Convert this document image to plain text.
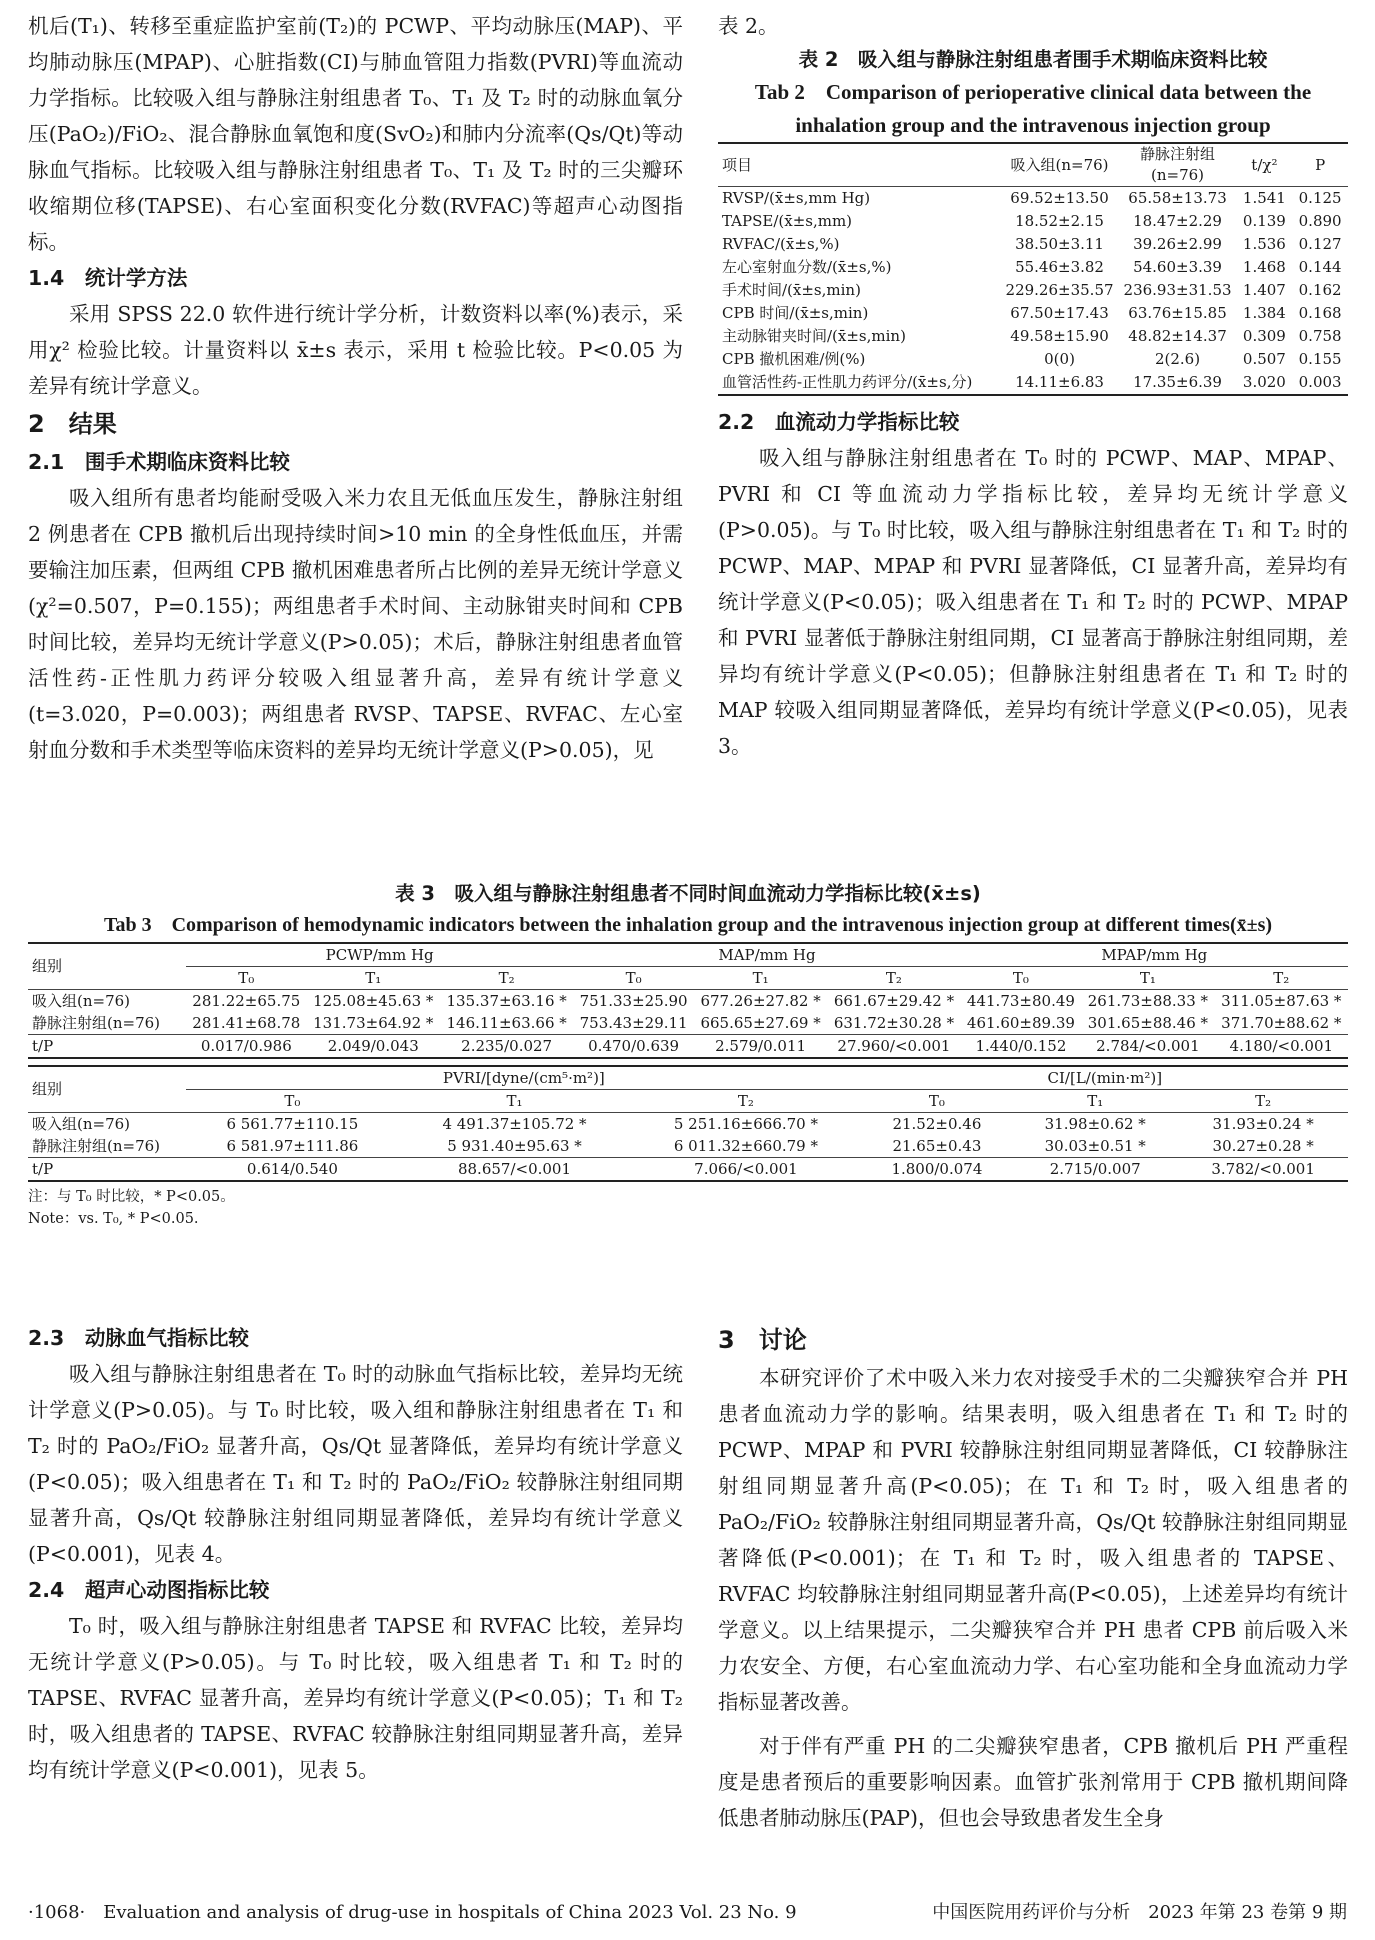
机后(T₁)、转移至重症监护室前(T₂)的 PCWP、平均动脉压(MAP)、平均肺动脉压(MPAP)、心脏指数(CI)与肺血管阻力指数(PVRI)等血流动力学指标。比较吸入组与静脉注射组患者 T₀、T₁ 及 T₂ 时的动脉血氧分压(PaO₂)/FiO₂、混合静脉血氧饱和度(SvO₂)和肺内分流率(Qs/Qt)等动脉血气指标。比较吸入组与静脉注射组患者 T₀、T₁ 及 T₂ 时的三尖瓣环收缩期位移(TAPSE)、右心室面积变化分数(RVFAC)等超声心动图指标。

1.4　统计学方法

采用 SPSS 22.0 软件进行统计学分析，计数资料以率(%)表示，采用χ² 检验比较。计量资料以 x̄±s 表示，采用 t 检验比较。P<0.05 为差异有统计学意义。

2　结果
2.1　围手术期临床资料比较

吸入组所有患者均能耐受吸入米力农且无低血压发生，静脉注射组 2 例患者在 CPB 撤机后出现持续时间>10 min 的全身性低血压，并需要输注加压素，但两组 CPB 撤机困难患者所占比例的差异无统计学意义(χ²=0.507，P=0.155)；两组患者手术时间、主动脉钳夹时间和 CPB 时间比较，差异均无统计学意义(P>0.05)；术后，静脉注射组患者血管活性药-正性肌力药评分较吸入组显著升高，差异有统计学意义(t=3.020，P=0.003)；两组患者 RVSP、TAPSE、RVFAC、左心室射血分数和手术类型等临床资料的差异均无统计学意义(P>0.05)，见

表 2。

表 2　吸入组与静脉注射组患者围手术期临床资料比较
Tab 2　Comparison of perioperative clinical data between the inhalation group and the intravenous injection group
项目	吸入组(n=76)	静脉注射组(n=76)	t/χ²	P
RVSP/(x̄±s,mm Hg)	69.52±13.50	65.58±13.73	1.541	0.125
TAPSE/(x̄±s,mm)	18.52±2.15	18.47±2.29	0.139	0.890
RVFAC/(x̄±s,%)	38.50±3.11	39.26±2.99	1.536	0.127
左心室射血分数/(x̄±s,%)	55.46±3.82	54.60±3.39	1.468	0.144
手术时间/(x̄±s,min)	229.26±35.57	236.93±31.53	1.407	0.162
CPB 时间/(x̄±s,min)	67.50±17.43	63.76±15.85	1.384	0.168
主动脉钳夹时间/(x̄±s,min)	49.58±15.90	48.82±14.37	0.309	0.758
CPB 撤机困难/例(%)	0(0)	2(2.6)	0.507	0.155
血管活性药-正性肌力药评分/(x̄±s,分)	14.11±6.83	17.35±6.39	3.020	0.003
2.2　血流动力学指标比较

吸入组与静脉注射组患者在 T₀ 时的 PCWP、MAP、MPAP、PVRI 和 CI 等血流动力学指标比较，差异均无统计学意义(P>0.05)。与 T₀ 时比较，吸入组与静脉注射组患者在 T₁ 和 T₂ 时的 PCWP、MAP、MPAP 和 PVRI 显著降低，CI 显著升高，差异均有统计学意义(P<0.05)；吸入组患者在 T₁ 和 T₂ 时的 PCWP、MPAP 和 PVRI 显著低于静脉注射组同期，CI 显著高于静脉注射组同期，差异均有统计学意义(P<0.05)；但静脉注射组患者在 T₁ 和 T₂ 时的 MAP 较吸入组同期显著降低，差异均有统计学意义(P<0.05)，见表 3。

表 3　吸入组与静脉注射组患者不同时间血流动力学指标比较(x̄±s)
Tab 3　Comparison of hemodynamic indicators between the inhalation group and the intravenous injection group at different times(x̄±s)
组别	PCWP/mm Hg			MAP/mm Hg			MPAP/mm Hg		
	T₀	T₁	T₂	T₀	T₁	T₂	T₀	T₁	T₂
吸入组(n=76)	281.22±65.75	125.08±45.63 *	135.37±63.16 *	751.33±25.90	677.26±27.82 *	661.67±29.42 *	441.73±80.49	261.73±88.33 *	311.05±87.63 *
静脉注射组(n=76)	281.41±68.78	131.73±64.92 *	146.11±63.66 *	753.43±29.11	665.65±27.69 *	631.72±30.28 *	461.60±89.39	301.65±88.46 *	371.70±88.62 *
t/P	0.017/0.986	2.049/0.043	2.235/0.027	0.470/0.639	2.579/0.011	27.960/<0.001	1.440/0.152	2.784/<0.001	4.180/<0.001
组别	PVRI/[dyne/(cm⁵·m²)]			CI/[L/(min·m²)]		
	T₀	T₁	T₂	T₀	T₁	T₂
吸入组(n=76)	6 561.77±110.15	4 491.37±105.72 *	5 251.16±666.70 *	21.52±0.46	31.98±0.62 *	31.93±0.24 *
静脉注射组(n=76)	6 581.97±111.86	5 931.40±95.63 *	6 011.32±660.79 *	21.65±0.43	30.03±0.51 *	30.27±0.28 *
t/P	0.614/0.540	88.657/<0.001	7.066/<0.001	1.800/0.074	2.715/0.007	3.782/<0.001
注：与 T₀ 时比较，* P<0.05。
Note：vs. T₀, * P<0.05.
2.3　动脉血气指标比较

吸入组与静脉注射组患者在 T₀ 时的动脉血气指标比较，差异均无统计学意义(P>0.05)。与 T₀ 时比较，吸入组和静脉注射组患者在 T₁ 和 T₂ 时的 PaO₂/FiO₂ 显著升高，Qs/Qt 显著降低，差异均有统计学意义(P<0.05)；吸入组患者在 T₁ 和 T₂ 时的 PaO₂/FiO₂ 较静脉注射组同期显著升高，Qs/Qt 较静脉注射组同期显著降低，差异均有统计学意义(P<0.001)，见表 4。

2.4　超声心动图指标比较

T₀ 时，吸入组与静脉注射组患者 TAPSE 和 RVFAC 比较，差异均无统计学意义(P>0.05)。与 T₀ 时比较，吸入组患者 T₁ 和 T₂ 时的 TAPSE、RVFAC 显著升高，差异均有统计学意义(P<0.05)；T₁ 和 T₂ 时，吸入组患者的 TAPSE、RVFAC 较静脉注射组同期显著升高，差异均有统计学意义(P<0.001)，见表 5。

3　讨论

本研究评价了术中吸入米力农对接受手术的二尖瓣狭窄合并 PH 患者血流动力学的影响。结果表明，吸入组患者在 T₁ 和 T₂ 时的 PCWP、MPAP 和 PVRI 较静脉注射组同期显著降低，CI 较静脉注射组同期显著升高(P<0.05)；在 T₁ 和 T₂ 时，吸入组患者的 PaO₂/FiO₂ 较静脉注射组同期显著升高，Qs/Qt 较静脉注射组同期显著降低(P<0.001)；在 T₁ 和 T₂ 时，吸入组患者的 TAPSE、RVFAC 均较静脉注射组同期显著升高(P<0.05)，上述差异均有统计学意义。以上结果提示，二尖瓣狭窄合并 PH 患者 CPB 前后吸入米力农安全、方便，右心室血流动力学、右心室功能和全身血流动力学指标显著改善。

对于伴有严重 PH 的二尖瓣狭窄患者，CPB 撤机后 PH 严重程度是患者预后的重要影响因素。血管扩张剂常用于 CPB 撤机期间降低患者肺动脉压(PAP)，但也会导致患者发生全身

·1068·　Evaluation and analysis of drug-use in hospitals of China 2023 Vol. 23 No. 9	中国医院用药评价与分析　2023 年第 23 卷第 9 期
